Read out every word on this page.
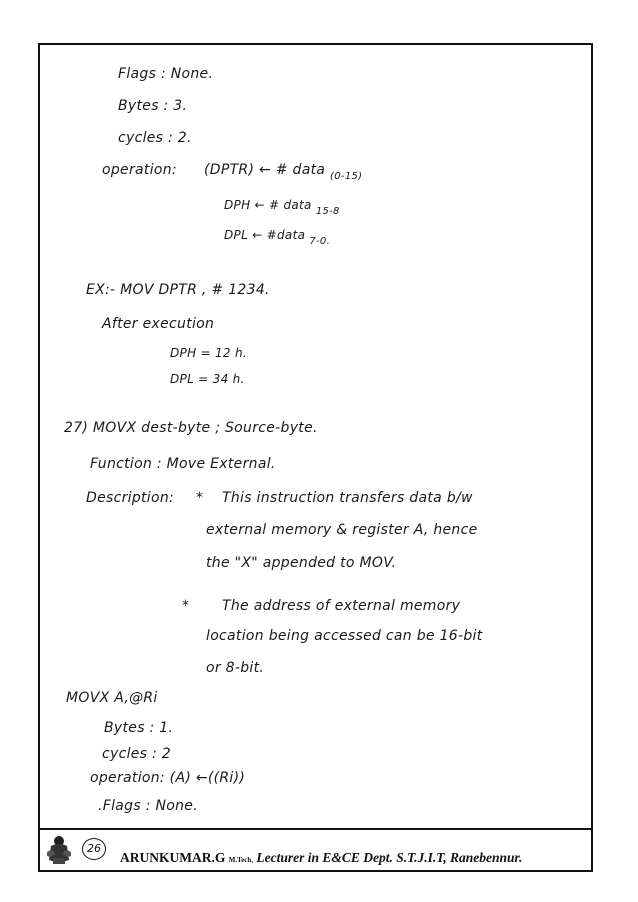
Flags : None.
Bytes : 3.
cycles : 2.
operation: (DPTR) ← # data $_{(0-15)}$
DPH ← # data $_{15-8}$
DPL ← #data $_{7-0.}$
EX:- MOV DPTR , # 1234.
After execution
DPH = 12 h.
DPL = 34 h.
27) MOVX dest-byte ; Source-byte.
Function : Move External.
Description: * This instruction transfers data b/w
external memory & register A, hence
the "X" appended to MOV.
* The address of external memory
location being accessed can be 16-bit
or 8-bit.
MOVX A,@Ri
Bytes : 1.
cycles : 2
operation: (A) ←((Ri))
.Flags : None.
26
ARUNKUMAR.G M.Tech, Lecturer in E&CE Dept. S.T.J.I.T, Ranebennur.
